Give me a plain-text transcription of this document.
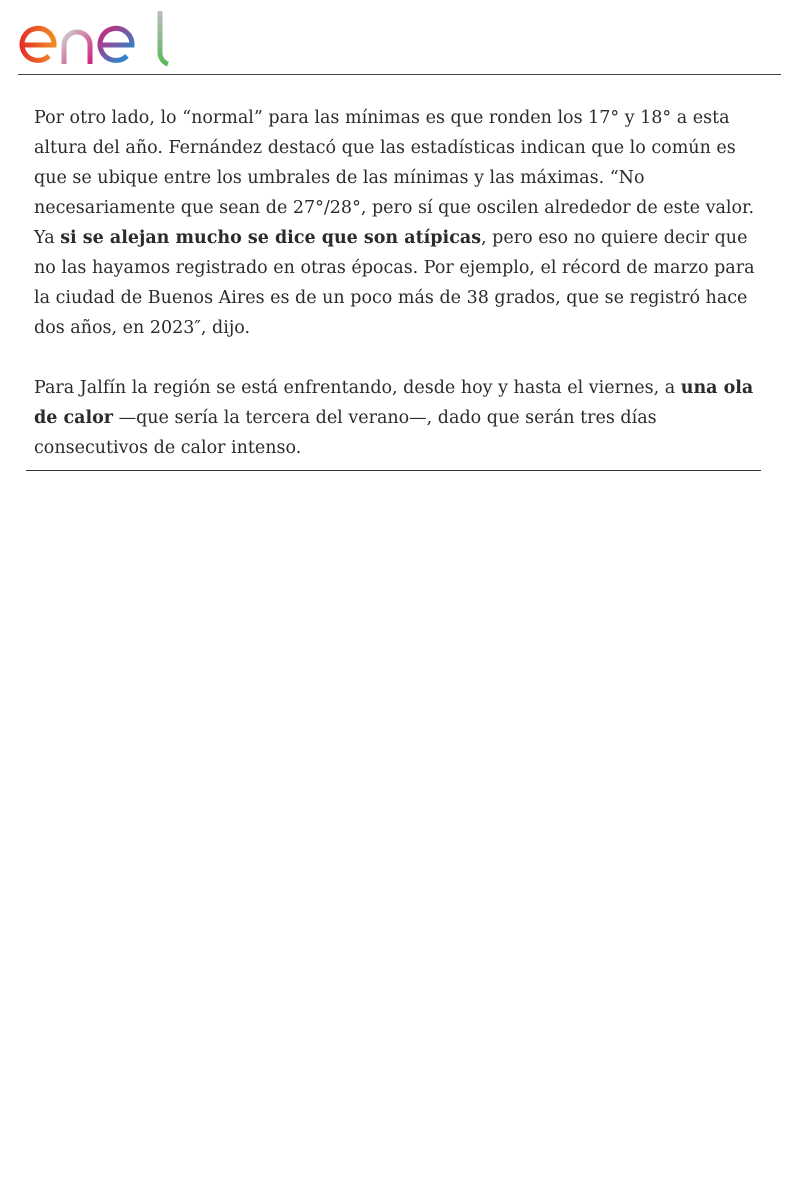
Por otro lado, lo “normal” para las mínimas es que ronden los 17° y 18° a esta altura del año. Fernández destacó que las estadísticas indican que lo común es que se ubique entre los umbrales de las mínimas y las máximas. “No necesariamente que sean de 27°/28°, pero sí que oscilen alrededor de este valor. Ya si se alejan mucho se dice que son atípicas, pero eso no quiere decir que no las hayamos registrado en otras épocas. Por ejemplo, el récord de marzo para la ciudad de Buenos Aires es de un poco más de 38 grados, que se registró hace dos años, en 2023″, dijo.

Para Jalfín la región se está enfrentando, desde hoy y hasta el viernes, a una ola de calor —que sería la tercera del verano—, dado que serán tres días consecutivos de calor intenso.
